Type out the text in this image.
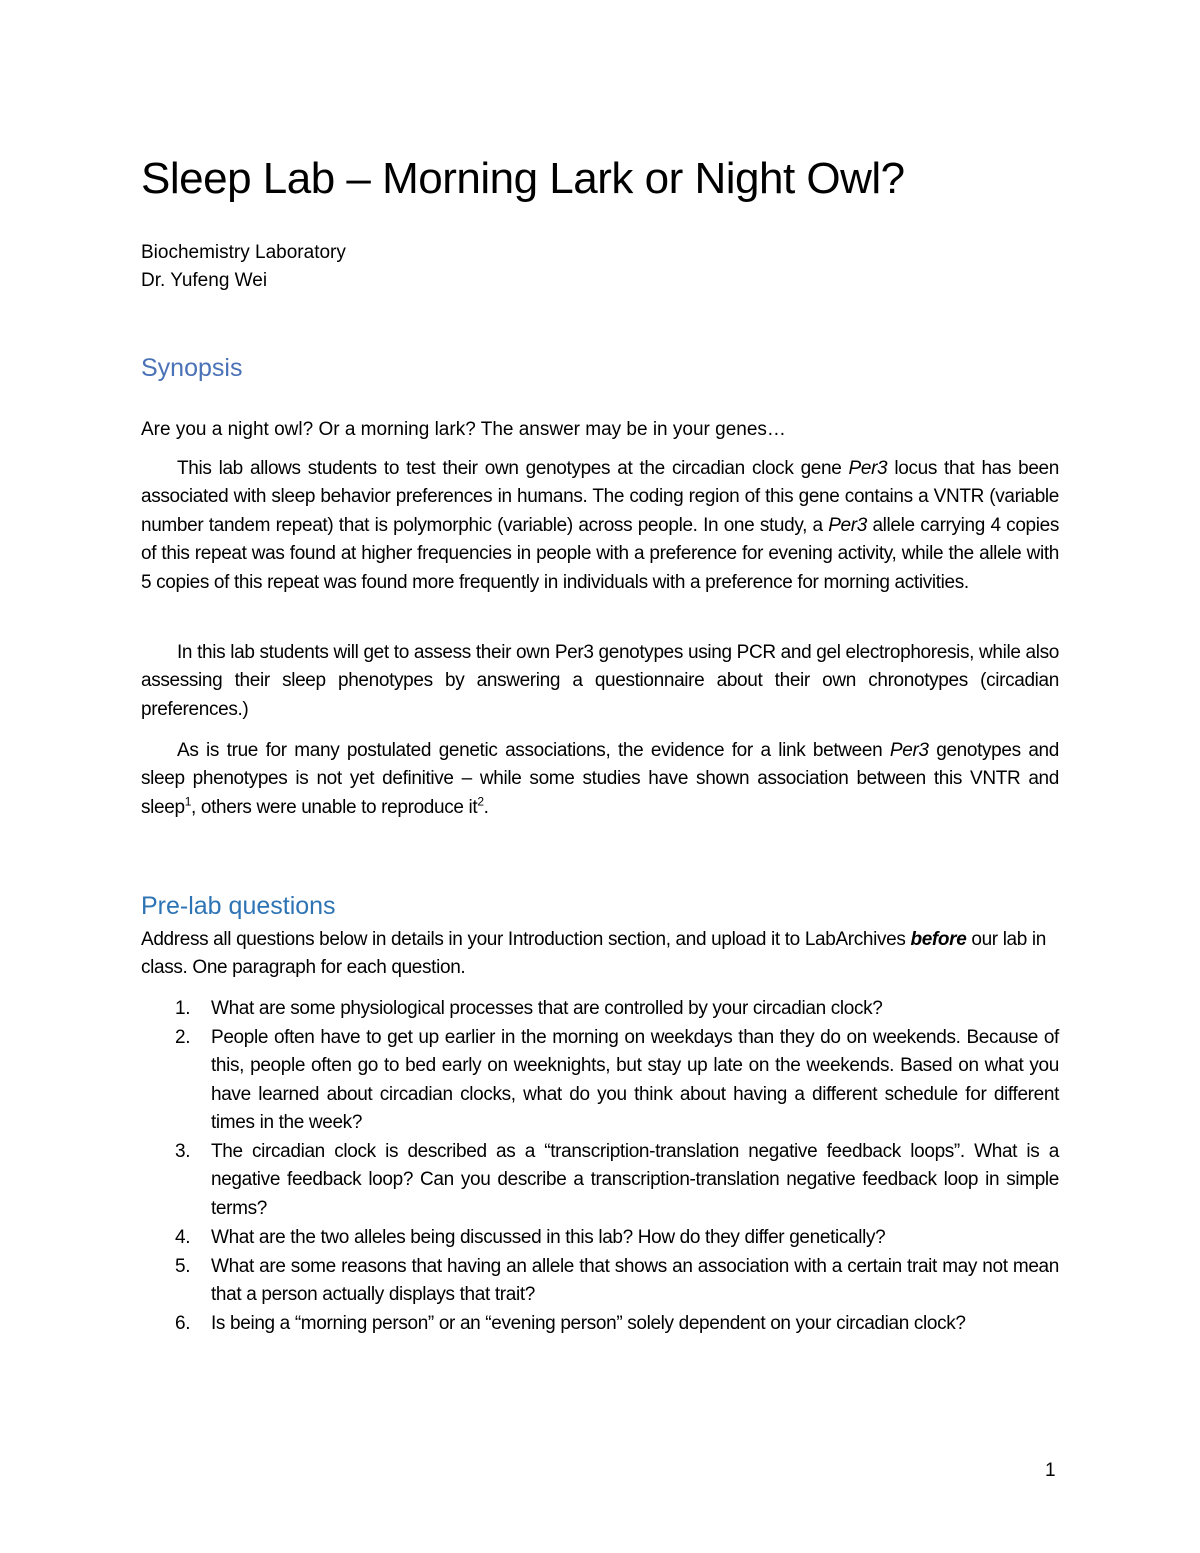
Sleep Lab – Morning Lark or Night Owl?
Biochemistry Laboratory
Dr. Yufeng Wei
Synopsis

Are you a night owl? Or a morning lark? The answer may be in your genes…

This lab allows students to test their own genotypes at the circadian clock gene Per3 locus that has been associated with sleep behavior preferences in humans. The coding region of this gene contains a VNTR (variable number tandem repeat) that is polymorphic (variable) across people. In one study, a Per3 allele carrying 4 copies of this repeat was found at higher frequencies in people with a preference for evening activity, while the allele with 5 copies of this repeat was found more frequently in individuals with a preference for morning activities.

In this lab students will get to assess their own Per3 genotypes using PCR and gel electrophoresis, while also assessing their sleep phenotypes by answering a questionnaire about their own chronotypes (circadian preferences.)

As is true for many postulated genetic associations, the evidence for a link between Per3 genotypes and sleep phenotypes is not yet definitive – while some studies have shown association between this VNTR and sleep$^1$, others were unable to reproduce $it^2$.

Pre-lab questions

Address all questions below in details in your Introduction section, and upload it to LabArchives before our lab in class. One paragraph for each question.

1. What are some physiological processes that are controlled by your circadian clock?
2. People often have to get up earlier in the morning on weekdays than they do on weekends. Because of this, people often go to bed early on weeknights, but stay up late on the weekends. Based on what you have learned about circadian clocks, what do you think about having a different schedule for different times in the week?
3. The circadian clock is described as a “transcription-translation negative feedback loops”. What is a negative feedback loop? Can you describe a transcription-translation negative feedback loop in simple terms?
4. What are the two alleles being discussed in this lab? How do they differ genetically?
5. What are some reasons that having an allele that shows an association with a certain trait may not mean that a person actually displays that trait?
6. Is being a “morning person” or an “evening person” solely dependent on your circadian clock?
1
